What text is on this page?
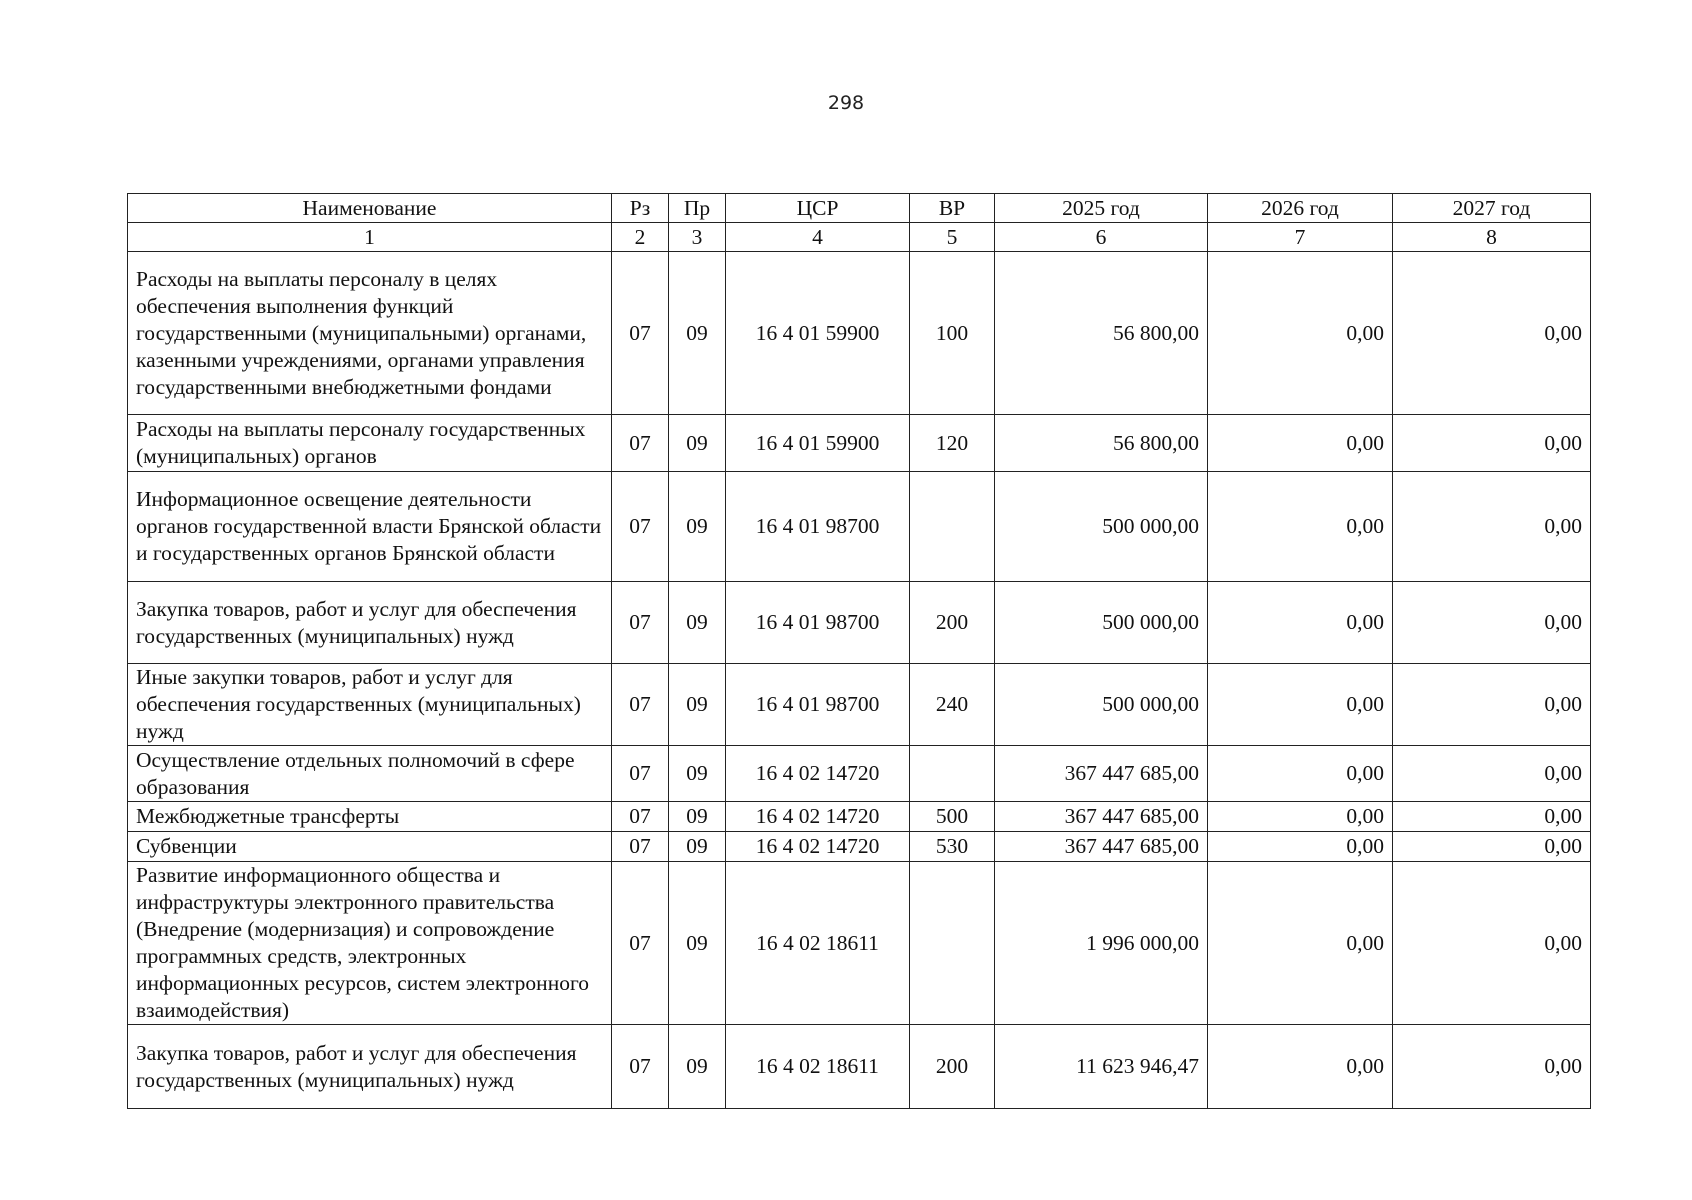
298
Наименование	Рз	Пр	ЦСР	ВР	2025 год	2026 год	2027 год
1	2	3	4	5	6	7	8
Расходы на выплаты персоналу в целях обеспечения выполнения функций государственными (муниципальными) органами, казенными учреждениями, органами управления государственными внебюджетными фондами	07	09	16 4 01 59900	100	56 800,00	0,00	0,00
Расходы на выплаты персоналу государственных (муниципальных) органов	07	09	16 4 01 59900	120	56 800,00	0,00	0,00
Информационное освещение деятельности органов государственной власти Брянской области и государственных органов Брянской области	07	09	16 4 01 98700		500 000,00	0,00	0,00
Закупка товаров, работ и услуг для обеспечения государственных (муниципальных) нужд	07	09	16 4 01 98700	200	500 000,00	0,00	0,00
Иные закупки товаров, работ и услуг для обеспечения государственных (муниципальных) нужд	07	09	16 4 01 98700	240	500 000,00	0,00	0,00
Осуществление отдельных полномочий в сфере образования	07	09	16 4 02 14720		367 447 685,00	0,00	0,00
Межбюджетные трансферты	07	09	16 4 02 14720	500	367 447 685,00	0,00	0,00
Субвенции	07	09	16 4 02 14720	530	367 447 685,00	0,00	0,00
Развитие информационного общества и инфраструктуры электронного правительства (Внедрение (модернизация) и сопровождение программных средств, электронных информационных ресурсов, систем электронного взаимодействия)	07	09	16 4 02 18611		1 996 000,00	0,00	0,00
Закупка товаров, работ и услуг для обеспечения государственных (муниципальных) нужд	07	09	16 4 02 18611	200	11 623 946,47	0,00	0,00
